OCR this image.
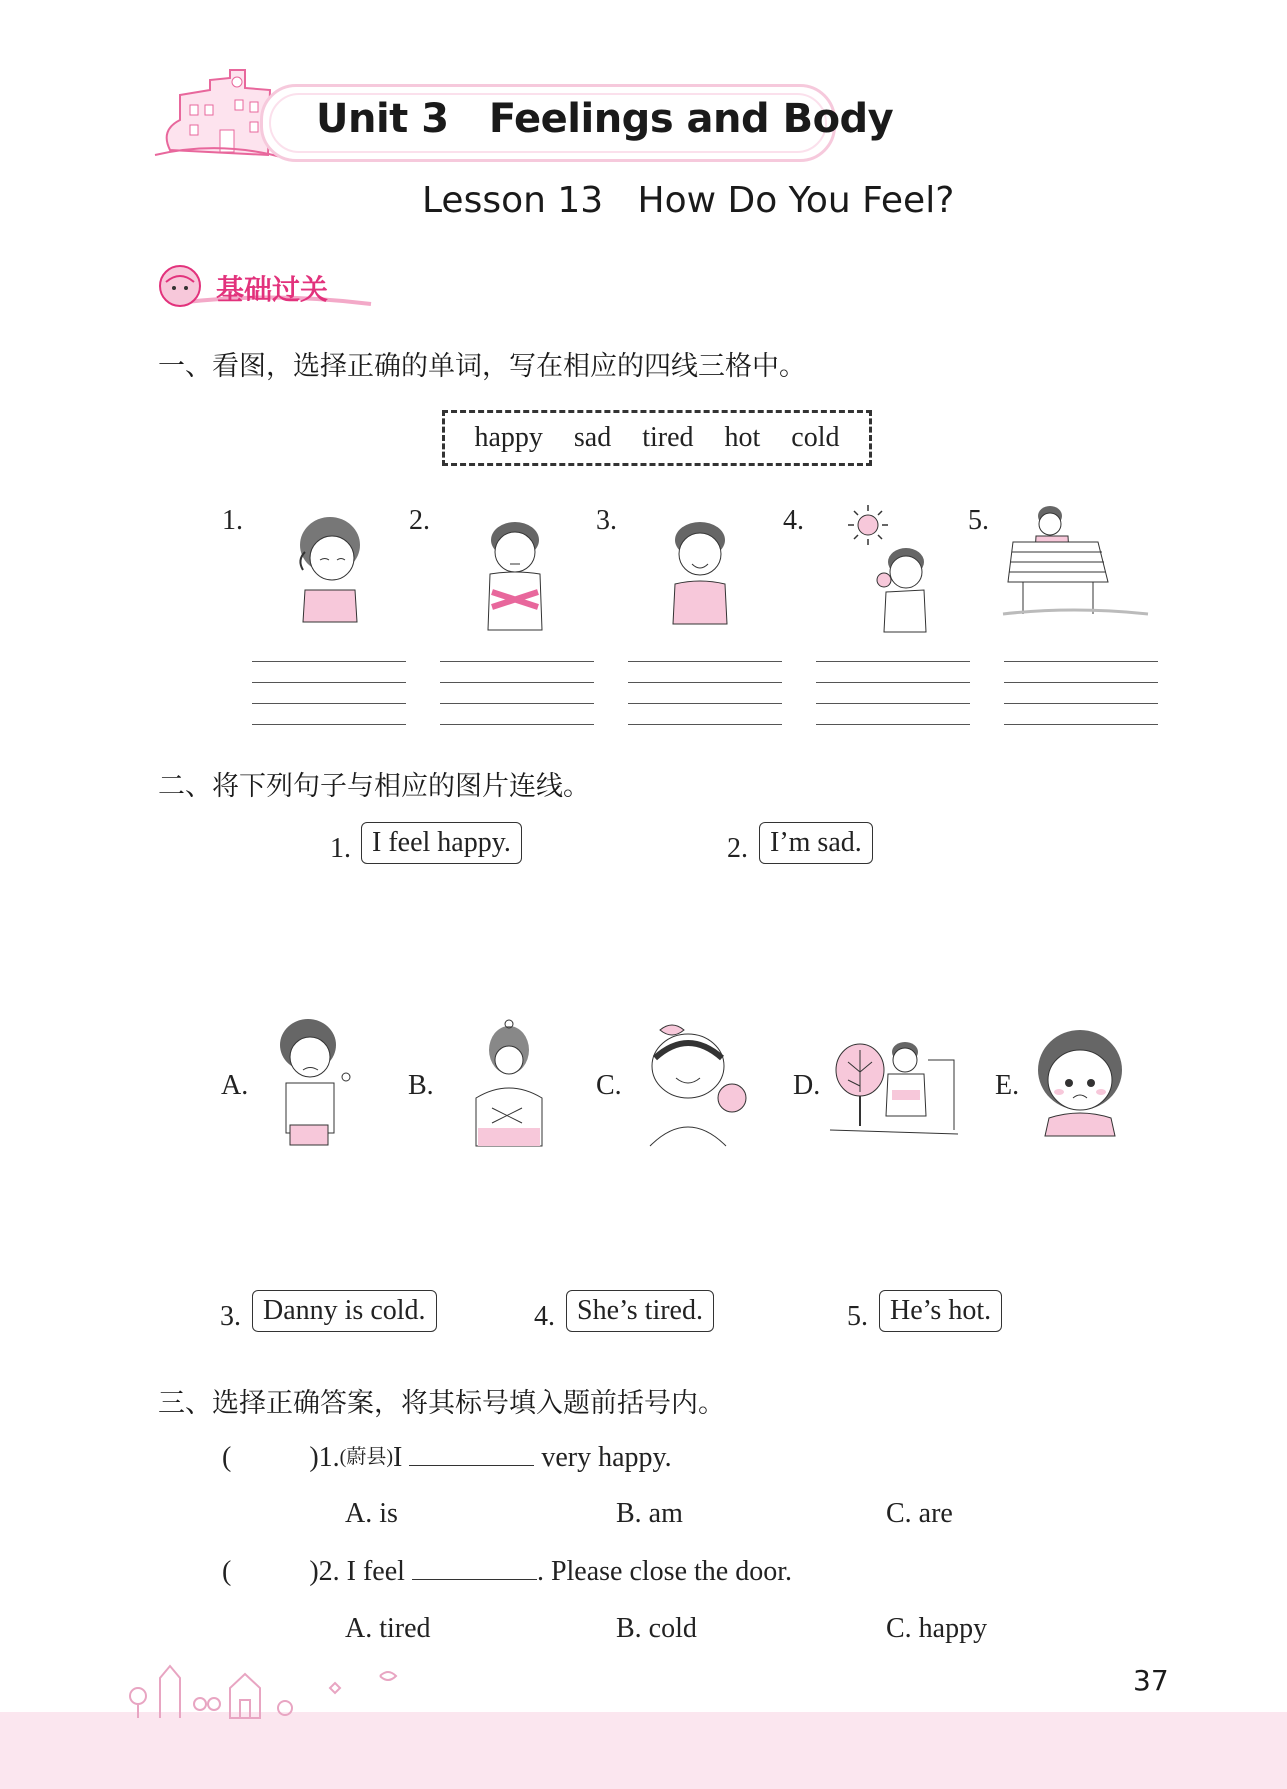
Unit 3   Feelings and Body
Lesson 13   How Do You Feel?
基础过关
一、看图，选择正确的单词，写在相应的四线三格中。
happy sad tired hot cold
1.	2.	3.	4.	5.
二、将下列句子与相应的图片连线。
1. I feel happy.	2. I’m sad.
A.	B.	C.	D.	E.
3. Danny is cold.	4. She’s tired.	5. He’s hot.
三、选择正确答案，将其标号填入题前括号内。
(	)1.(蔚县)I	very happy.
A. is	B. am	C. are
(	)2. I feel	. Please close the door.
A. tired	B. cold	C. happy
37
